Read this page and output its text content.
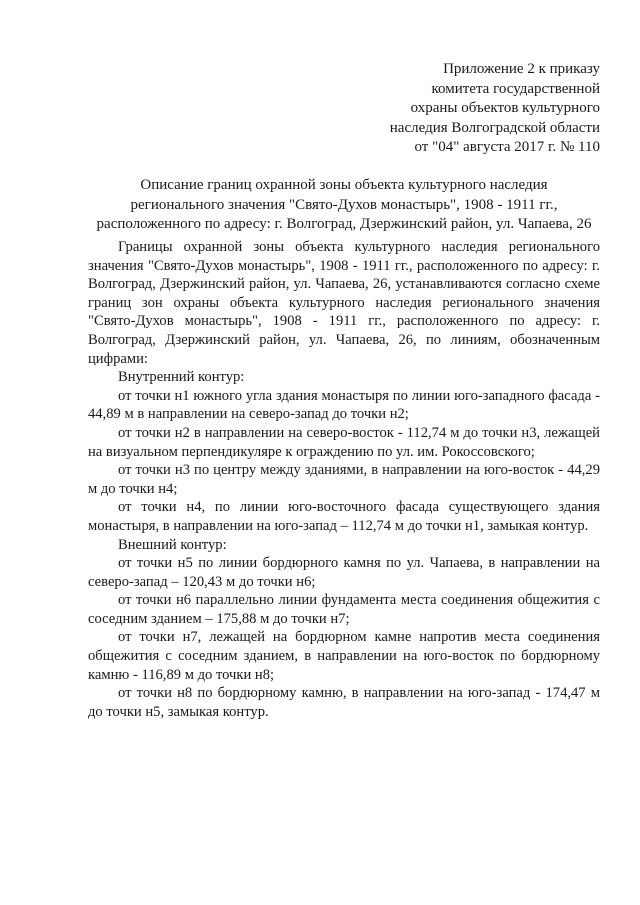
Приложение 2 к приказу
комитета государственной
охраны объектов культурного
наследия Волгоградской области
от "04" августа 2017 г. № 110
Описание границ охранной зоны объекта культурного наследия
регионального значения "Свято-Духов монастырь", 1908 - 1911 гг.,
расположенного по адресу: г. Волгоград, Дзержинский район, ул. Чапаева, 26

Границы охранной зоны объекта культурного наследия регионального значения "Свято-Духов монастырь", 1908 - 1911 гг., расположенного по адресу: г. Волгоград, Дзержинский район, ул. Чапаева, 26, устанавливаются согласно схеме границ зон охраны объекта культурного наследия регионального значения "Свято-Духов монастырь", 1908 - 1911 гг., расположенного по адресу: г. Волгоград, Дзержинский район, ул. Чапаева, 26, по линиям, обозначенным цифрами:

Внутренний контур:

от точки н1 южного угла здания монастыря по линии юго-западного фасада - 44,89 м в направлении на северо-запад до точки н2;

от точки н2 в направлении на северо-восток - 112,74 м до точки н3, лежащей на визуальном перпендикуляре к ограждению по ул. им. Рокоссовского;

от точки н3 по центру между зданиями, в направлении на юго-восток - 44,29 м до точки н4;

от точки н4, по линии юго-восточного фасада существующего здания монастыря, в направлении на юго-запад – 112,74 м до точки н1, замыкая контур.

Внешний контур:

от точки н5 по линии бордюрного камня по ул. Чапаева, в направлении на северо-запад – 120,43 м до точки н6;

от точки н6 параллельно линии фундамента места соединения общежития с соседним зданием – 175,88 м до точки н7;

от точки н7, лежащей на бордюрном камне напротив места соединения общежития с соседним зданием, в направлении на юго-восток по бордюрному камню - 116,89 м до точки н8;

от точки н8 по бордюрному камню, в направлении на юго-запад - 174,47 м до точки н5, замыкая контур.
